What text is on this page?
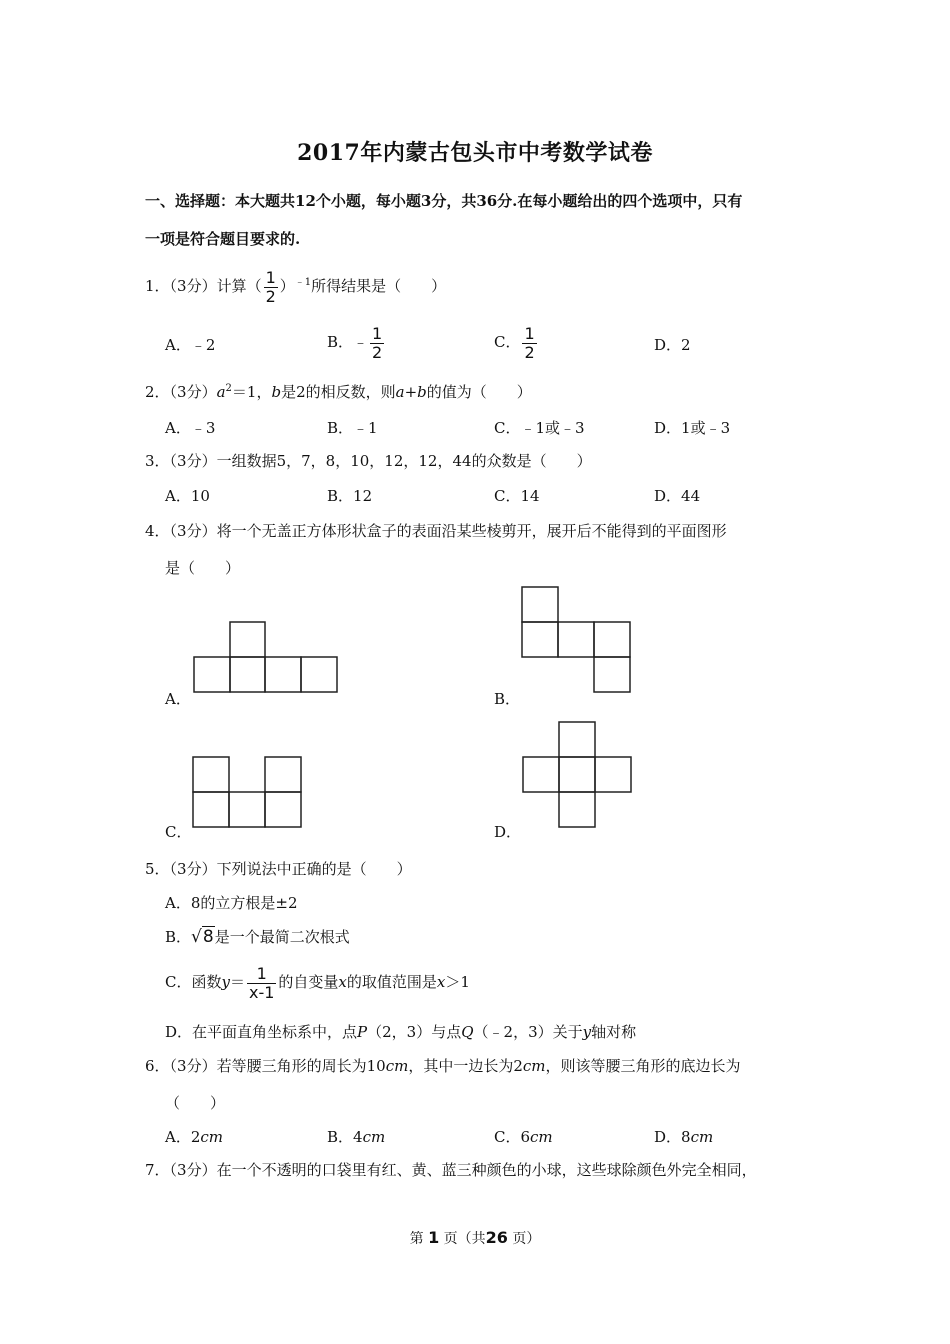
2017年内蒙古包头市中考数学试卷
一、选择题：本大题共12个小题，每小题3分，共36分.在每小题给出的四个选项中，只有
一项是符合题目要求的.
1．（3分）计算（ $\frac{1}{2} )^{﹣1}$所得结果是（　　）
A．﹣2	B．﹣ $\frac{1}{2}$	C． $\frac{1}{2}$	D．2
2．（3分）$a^2=1$，b是2的相反数，则a+b的值为（　　）
A．﹣3	B．﹣1	C．﹣1或﹣3	D．1或﹣3
3．（3分）一组数据5，7，8，10，12，12，44的众数是（　　）
A．10	B．12	C．14	D．44
4．（3分）将一个无盖正方体形状盒子的表面沿某些棱剪开，展开后不能得到的平面图形
是（　　）
A．	B．
C．	D．
5．（3分）下列说法中正确的是（　　）
A．8的立方根是±2
B．√8是一个最简二次根式
C．函数$y= \frac{1}{x-1}$ 的自变量x的取值范围是x＞1
D．在平面直角坐标系中，点P（2，3）与点Q（﹣2，3）关于y轴对称
6．（3分）若等腰三角形的周长为10cm，其中一边长为2cm，则该等腰三角形的底边长为
（　　）
A．2cm	B．4cm	C．6cm	D．8cm
7．（3分）在一个不透明的口袋里有红、黄、蓝三种颜色的小球，这些球除颜色外完全相同，
第 1 页（共26 页）
